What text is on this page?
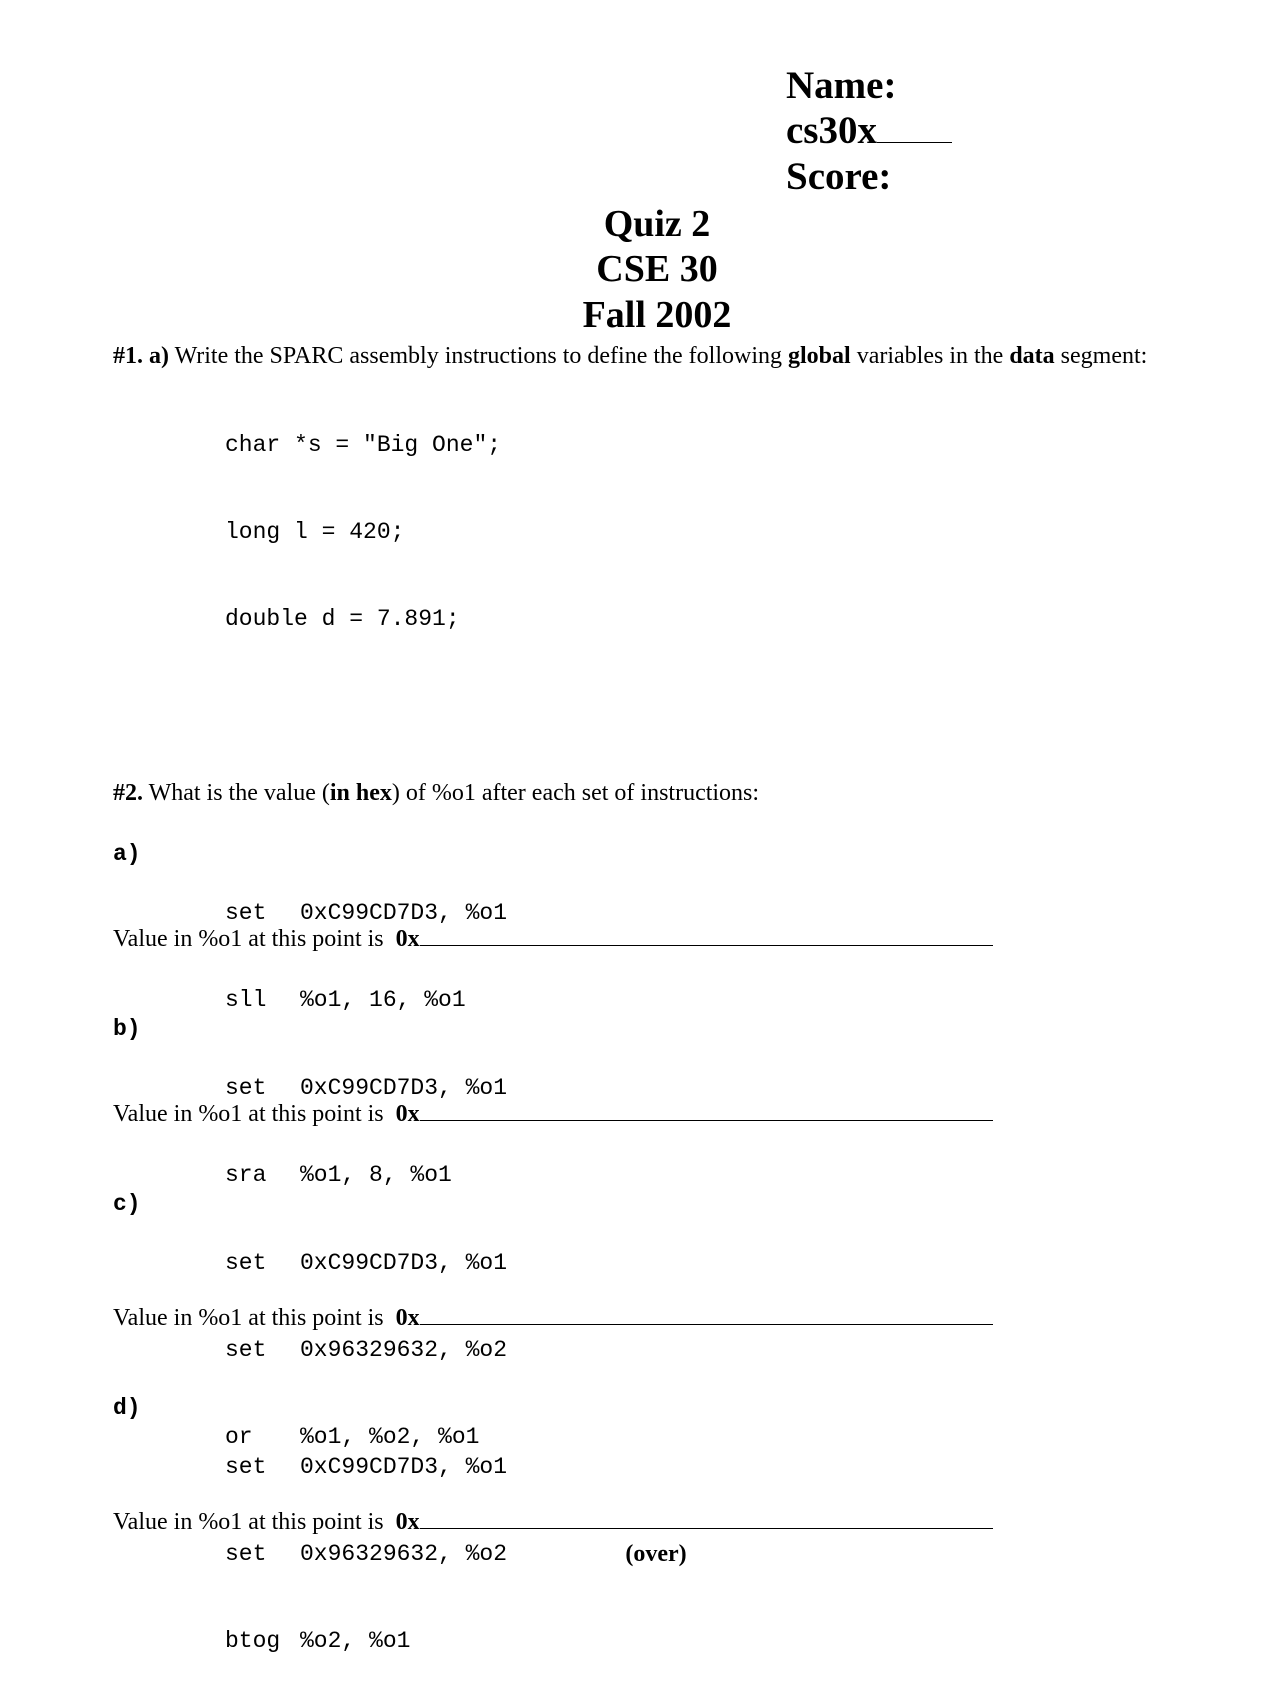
Name:
cs30x
Score:
Quiz 2
CSE 30
Fall 2002
#1. a) Write the SPARC assembly instructions to define the following global variables in the data segment:

char *s = "Big One";

long l = 420;

double d = 7.891;

#2. What is the value (in hex) of %o1 after each set of instructions:
a)

set 0xC99CD7D3, %o1

sll %o1, 16, %o1

Value in %o1 at this point is 0x
b)

set 0xC99CD7D3, %o1

sra %o1, 8, %o1

Value in %o1 at this point is 0x
c)

set 0xC99CD7D3, %o1

set 0x96329632, %o2

or %o1, %o2, %o1

Value in %o1 at this point is 0x
d)

set 0xC99CD7D3, %o1

set 0x96329632, %o2

btog %o2, %o1

Value in %o1 at this point is 0x
(over)
